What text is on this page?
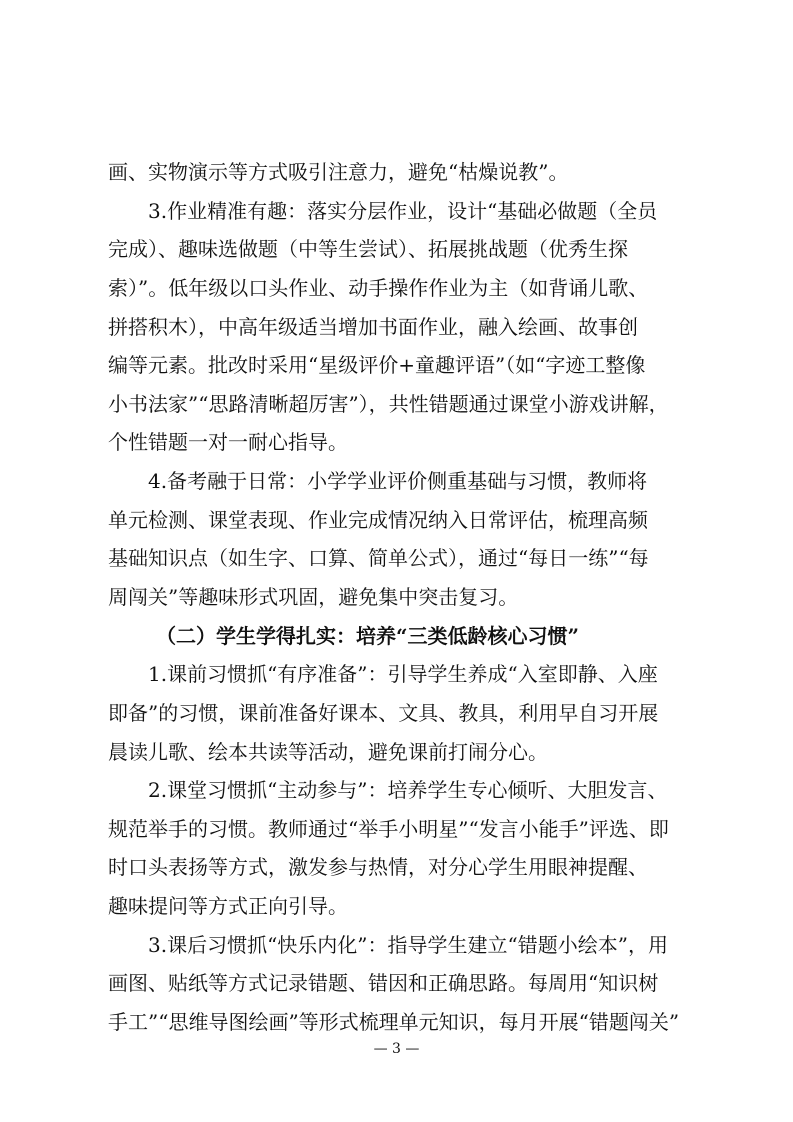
画、实物演示等方式吸引注意力，避免“枯燥说教”。
3.作业精准有趣：落实分层作业，设计“基础必做题（全员
完成）、趣味选做题（中等生尝试）、拓展挑战题（优秀生探
索）”。低年级以口头作业、动手操作作业为主（如背诵儿歌、
拼搭积木），中高年级适当增加书面作业，融入绘画、故事创
编等元素。批改时采用“星级评价+童趣评语”（如“字迹工整像
小书法家”“思路清晰超厉害”），共性错题通过课堂小游戏讲解，
个性错题一对一耐心指导。
4.备考融于日常：小学学业评价侧重基础与习惯，教师将
单元检测、课堂表现、作业完成情况纳入日常评估，梳理高频
基础知识点（如生字、口算、简单公式），通过“每日一练”“每
周闯关”等趣味形式巩固，避免集中突击复习。
（二）学生学得扎实：培养“三类低龄核心习惯”
1.课前习惯抓“有序准备”：引导学生养成“入室即静、入座
即备”的习惯，课前准备好课本、文具、教具，利用早自习开展
晨读儿歌、绘本共读等活动，避免课前打闹分心。
2.课堂习惯抓“主动参与”：培养学生专心倾听、大胆发言、
规范举手的习惯。教师通过“举手小明星”“发言小能手”评选、即
时口头表扬等方式，激发参与热情，对分心学生用眼神提醒、
趣味提问等方式正向引导。
3.课后习惯抓“快乐内化”：指导学生建立“错题小绘本”，用
画图、贴纸等方式记录错题、错因和正确思路。每周用“知识树
手工”“思维导图绘画”等形式梳理单元知识，每月开展“错题闯关”
— 3 —
